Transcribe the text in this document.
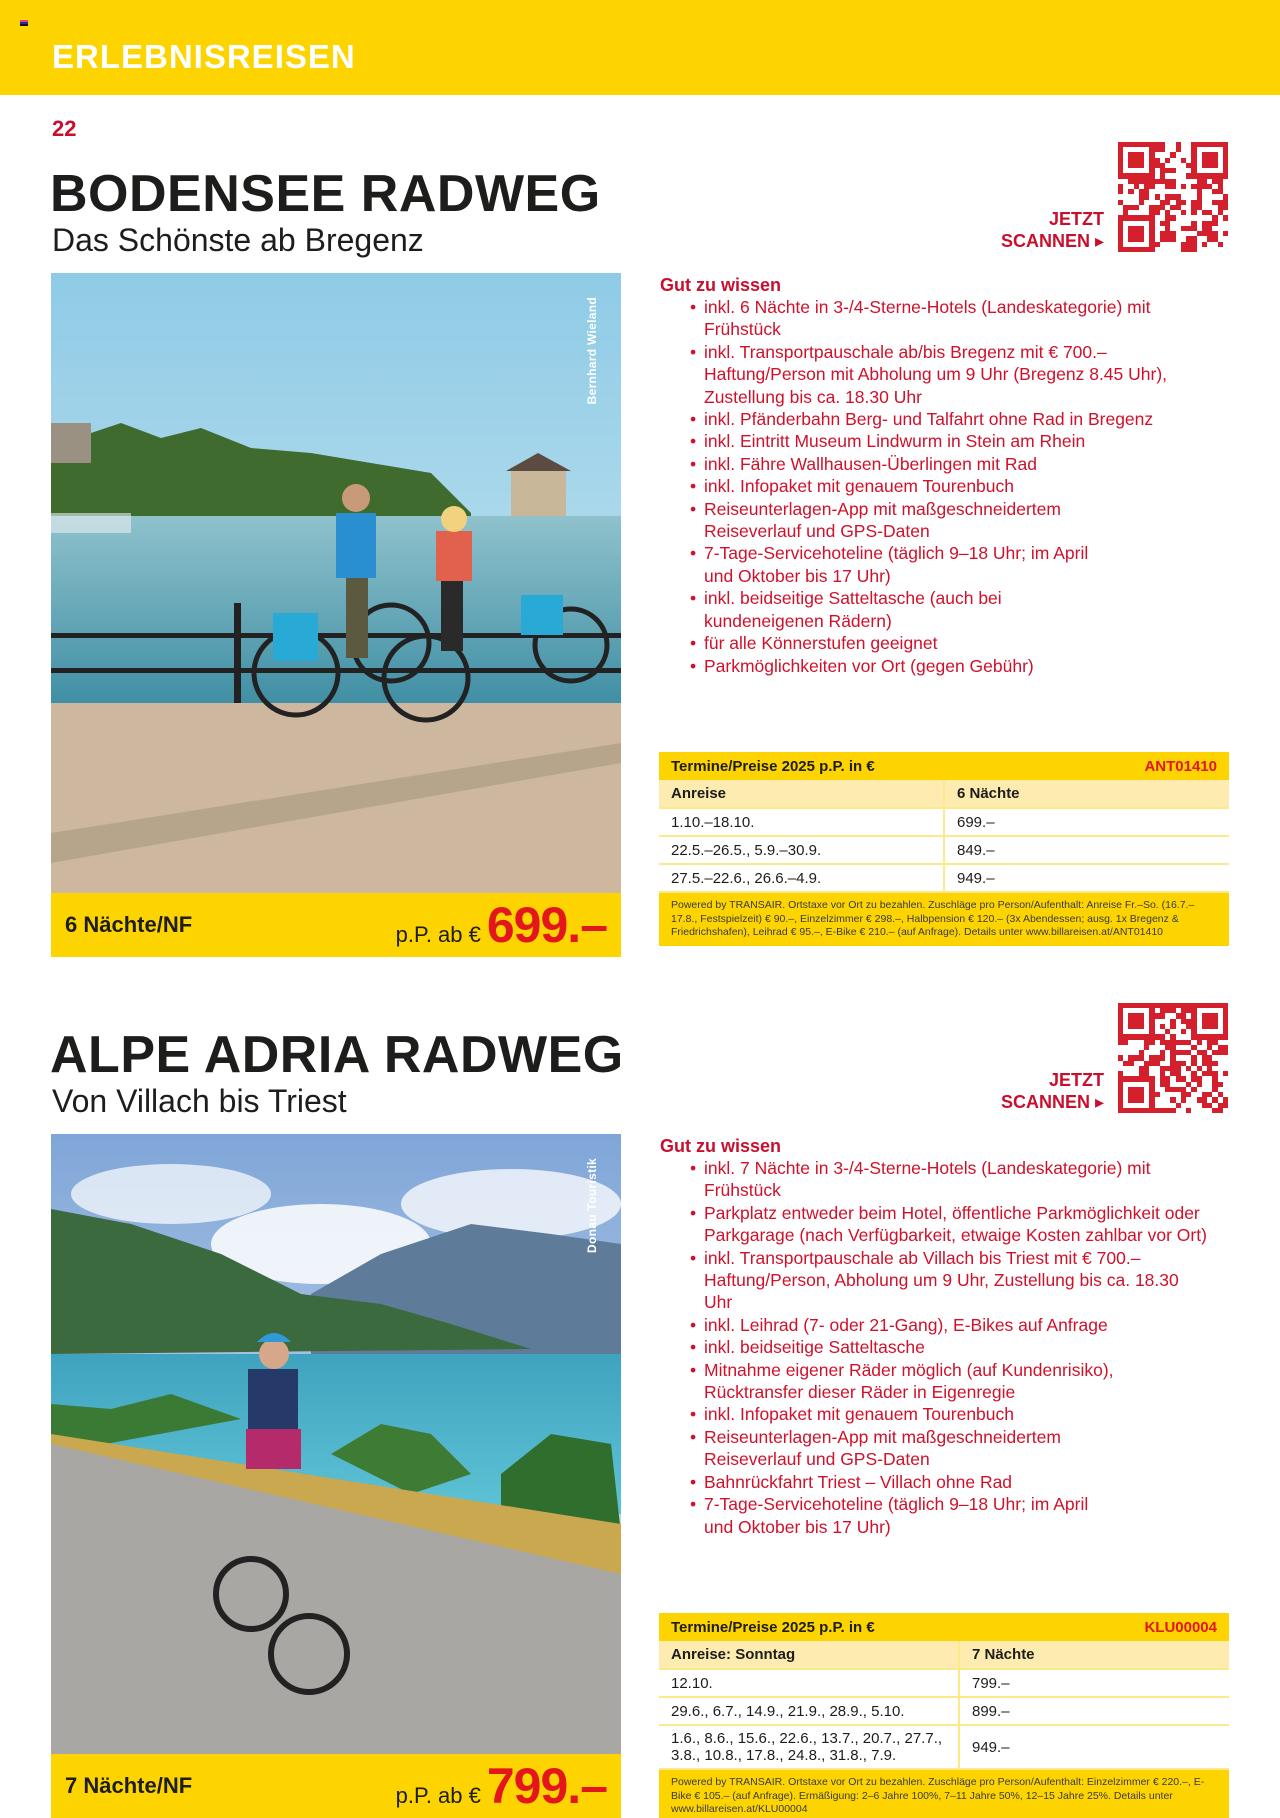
ERLEBNISREISEN
22
BODENSEE RADWEG
Das Schönste ab Bregenz
JETZT
SCANNEN ▸
Bernhard Wieland
6 Nächte/NF	p.P. ab € 699.–
Gut zu wissen
• inkl. 6 Nächte in 3-/4-Sterne-Hotels (Landeskategorie) mit Frühstück
• inkl. Transportpauschale ab/bis Bregenz mit € 700.– Haftung/Person mit Abholung um 9 Uhr (Bregenz 8.45 Uhr), Zustellung bis ca. 18.30 Uhr
• inkl. Pfänderbahn Berg- und Talfahrt ohne Rad in Bregenz
• inkl. Eintritt Museum Lindwurm in Stein am Rhein
• inkl. Fähre Wallhausen-Überlingen mit Rad
• inkl. Infopaket mit genauem Tourenbuch
• Reiseunterlagen-App mit maßgeschneidertem Reiseverlauf und GPS-Daten
• 7-Tage-Servicehoteline (täglich 9–18 Uhr; im April und Oktober bis 17 Uhr)
• inkl. beidseitige Satteltasche (auch bei kundeneigenen Rädern)
• für alle Könnerstufen geeignet
• Parkmöglichkeiten vor Ort (gegen Gebühr)
Termine/Preise 2025 p.P. in €	ANT01410
Anreise	6 Nächte
1.10.–18.10.	699.–
22.5.–26.5., 5.9.–30.9.	849.–
27.5.–22.6., 26.6.–4.9.	949.–
Powered by TRANSAIR. Ortstaxe vor Ort zu bezahlen. Zuschläge pro Person/Aufenthalt: Anreise Fr.–So. (16.7.–17.8., Festspielzeit) € 90.–, Einzelzimmer € 298.–, Halbpension € 120.– (3x Abendessen; ausg. 1x Bregenz & Friedrichshafen), Leihrad € 95.–, E-Bike € 210.– (auf Anfrage). Details unter www.billareisen.at/ANT01410
ALPE ADRIA RADWEG
Von Villach bis Triest
JETZT
SCANNEN ▸
Donau Touristik
7 Nächte/NF	p.P. ab € 799.–
Gut zu wissen
• inkl. 7 Nächte in 3-/4-Sterne-Hotels (Landeskategorie) mit Frühstück
• Parkplatz entweder beim Hotel, öffentliche Parkmöglichkeit oder Parkgarage (nach Verfügbarkeit, etwaige Kosten zahlbar vor Ort)
• inkl. Transportpauschale ab Villach bis Triest mit € 700.– Haftung/Person, Abholung um 9 Uhr, Zustellung bis ca. 18.30 Uhr
• inkl. Leihrad (7- oder 21-Gang), E-Bikes auf Anfrage
• inkl. beidseitige Satteltasche
• Mitnahme eigener Räder möglich (auf Kundenrisiko), Rücktransfer dieser Räder in Eigenregie
• inkl. Infopaket mit genauem Tourenbuch
• Reiseunterlagen-App mit maßgeschneidertem Reiseverlauf und GPS-Daten
• Bahnrückfahrt Triest – Villach ohne Rad
• 7-Tage-Servicehoteline (täglich 9–18 Uhr; im April und Oktober bis 17 Uhr)
Termine/Preise 2025 p.P. in €	KLU00004
Anreise: Sonntag	7 Nächte
12.10.	799.–
29.6., 6.7., 14.9., 21.9., 28.9., 5.10.	899.–
1.6., 8.6., 15.6., 22.6., 13.7., 20.7., 27.7., 3.8., 10.8., 17.8., 24.8., 31.8., 7.9.	949.–
Powered by TRANSAIR. Ortstaxe vor Ort zu bezahlen. Zuschläge pro Person/Aufenthalt: Einzelzimmer € 220.–, E-Bike € 105.– (auf Anfrage). Ermäßigung: 2–6 Jahre 100%, 7–11 Jahre 50%, 12–15 Jahre 25%. Details unter www.billareisen.at/KLU00004
